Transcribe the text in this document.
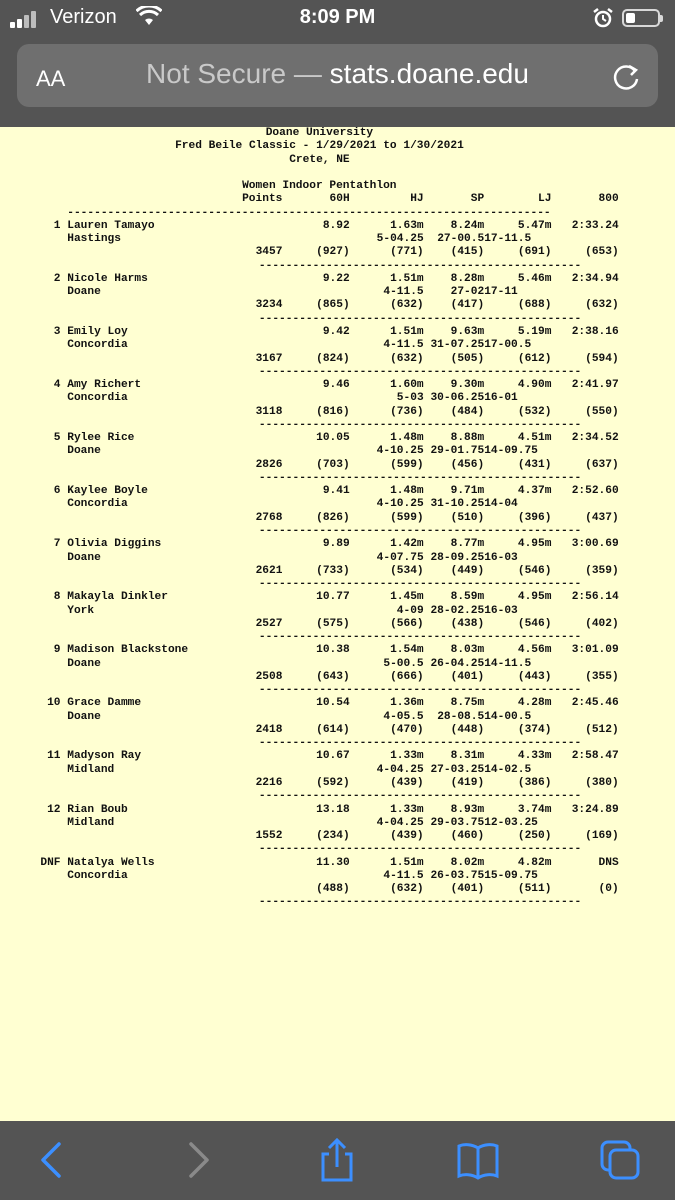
Verizon	8:09 PM
AA	Not Secure — stats.doane.edu
Doane University
Fred Beile Classic - 1/29/2021 to 1/30/2021
Crete, NE
Women Indoor Pentathlon
Points	60H	HJ	SP	LJ	800
------------------------------------------------------------------------
1 Lauren Tamayo	8.92	1.63m	8.24m	5.47m	2:33.24
Hastings	5-04.25	27-00.5 17-11.5
3457	(927)	(771)	(415)	(691)	(653)
------------------------------------------------
2 Nicole Harms	9.22	1.51m	8.28m	5.46m	2:34.94
Doane	4-11.5	27-02 17-11
3234	(865)	(632)	(417)	(688)	(632)
------------------------------------------------
3 Emily Loy	9.42	1.51m	9.63m	5.19m	2:38.16
Concordia	4-11.5 31-07.25 17-00.5
3167	(824)	(632)	(505)	(612)	(594)
------------------------------------------------
4 Amy Richert	9.46	1.60m	9.30m	4.90m	2:41.97
Concordia	5-03 30-06.25 16-01
3118	(816)	(736)	(484)	(532)	(550)
------------------------------------------------
5 Rylee Rice	10.05	1.48m	8.88m	4.51m	2:34.52
Doane	4-10.25 29-01.75 14-09.75
2826	(703)	(599)	(456)	(431)	(637)
------------------------------------------------
6 Kaylee Boyle	9.41	1.48m	9.71m	4.37m	2:52.60
Concordia	4-10.25 31-10.25 14-04
2768	(826)	(599)	(510)	(396)	(437)
------------------------------------------------
7 Olivia Diggins	9.89	1.42m	8.77m	4.95m	3:00.69
Doane	4-07.75 28-09.25 16-03
2621	(733)	(534)	(449)	(546)	(359)
------------------------------------------------
8 Makayla Dinkler	10.77	1.45m	8.59m	4.95m	2:56.14
York	4-09 28-02.25 16-03
2527	(575)	(566)	(438)	(546)	(402)
------------------------------------------------
9 Madison Blackstone	10.38	1.54m	8.03m	4.56m	3:01.09
Doane	5-00.5 26-04.25 14-11.5
2508	(643)	(666)	(401)	(443)	(355)
------------------------------------------------
10 Grace Damme	10.54	1.36m	8.75m	4.28m	2:45.46
Doane	4-05.5	28-08.5 14-00.5
2418	(614)	(470)	(448)	(374)	(512)
------------------------------------------------
11 Madyson Ray	10.67	1.33m	8.31m	4.33m	2:58.47
Midland	4-04.25 27-03.25 14-02.5
2216	(592)	(439)	(419)	(386)	(380)
------------------------------------------------
12 Rian Boub	13.18	1.33m	8.93m	3.74m	3:24.89
Midland	4-04.25 29-03.75 12-03.25
1552	(234)	(439)	(460)	(250)	(169)
------------------------------------------------
DNF Natalya Wells	11.30	1.51m	8.02m	4.82m	DNS
Concordia	4-11.5 26-03.75 15-09.75
(488)	(632)	(401)	(511)	(0)
------------------------------------------------
